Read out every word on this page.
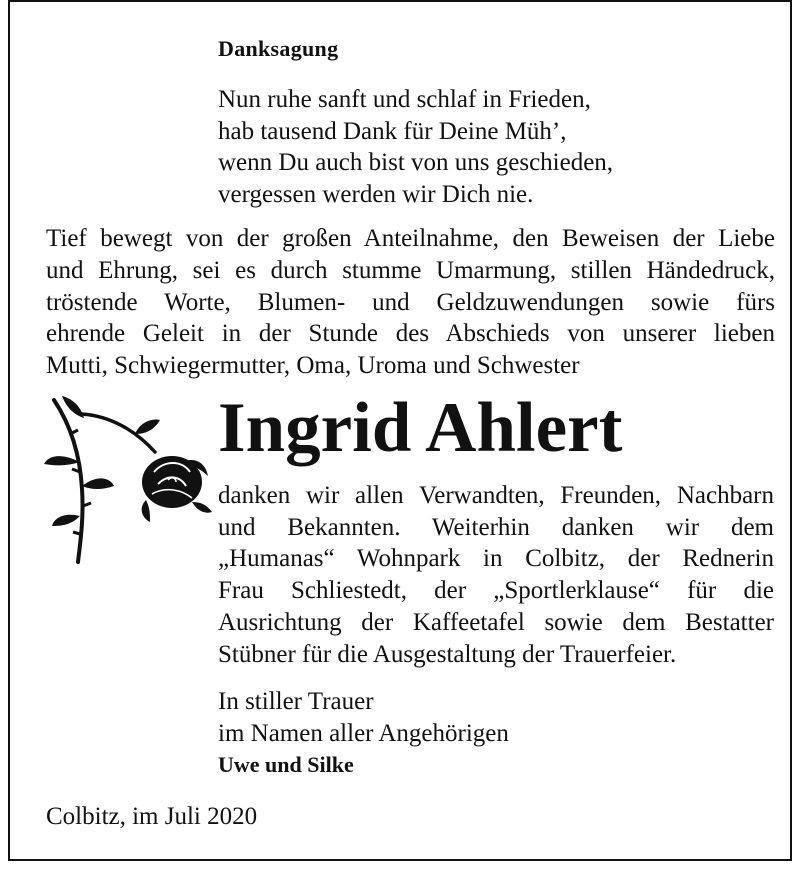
Danksagung
Nun ruhe sanft und schlaf in Frieden,
hab tausend Dank für Deine Müh’,
wenn Du auch bist von uns geschieden,
vergessen werden wir Dich nie.
Tief bewegt von der großen Anteilnahme, den Beweisen der Liebe
und Ehrung, sei es durch stumme Umarmung, stillen Händedruck,
tröstende Worte, Blumen- und Geldzuwendungen sowie fürs
ehrende Geleit in der Stunde des Abschieds von unserer lieben
Mutti, Schwiegermutter, Oma, Uroma und Schwester
Ingrid Ahlert
danken wir allen Verwandten, Freunden, Nachbarn
und Bekannten. Weiterhin danken wir dem
„Humanas“ Wohnpark in Colbitz, der Rednerin
Frau Schliestedt, der „Sportlerklause“ für die
Ausrichtung der Kaffeetafel sowie dem Bestatter
Stübner für die Ausgestaltung der Trauerfeier.
In stiller Trauer
im Namen aller Angehörigen
Uwe und Silke
Colbitz, im Juli 2020
